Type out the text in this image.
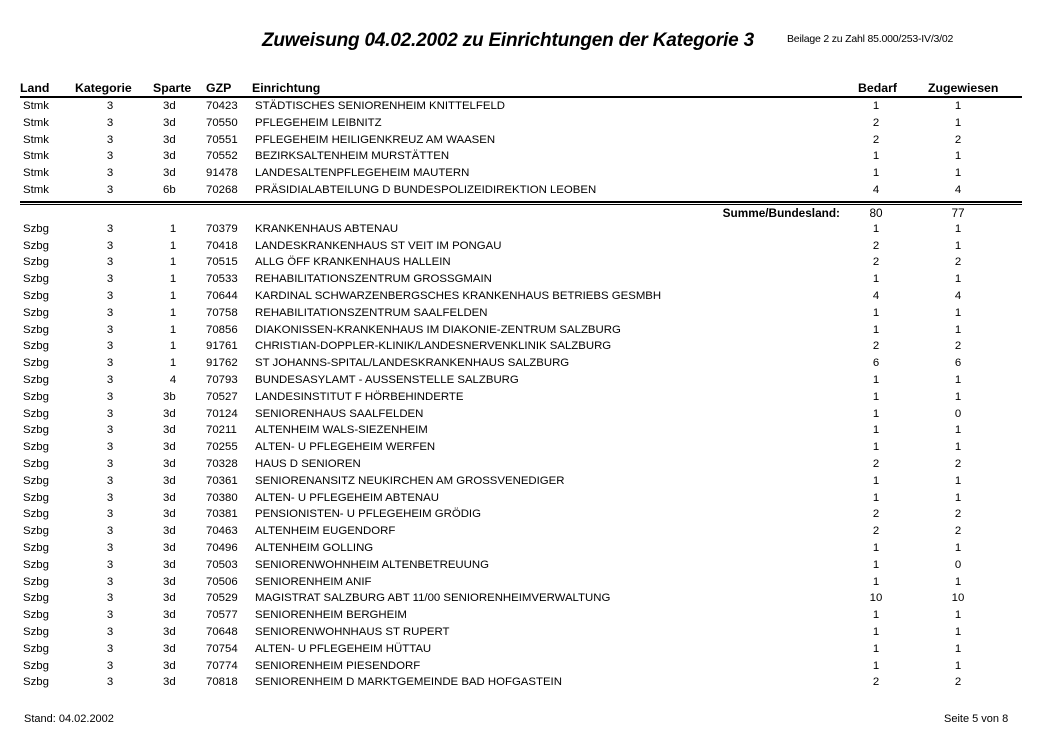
Zuweisung 04.02.2002 zu Einrichtungen der Kategorie 3	Beilage 2 zu Zahl 85.000/253-IV/3/02
Land Kategorie Sparte GZP Einrichtung	Bedarf	Zugewiesen
Stmk	3	3d	70423 STÄDTISCHES SENIORENHEIM KNITTELFELD	1	1
Stmk	3	3d	70550 PFLEGEHEIM LEIBNITZ	2	1
Stmk	3	3d	70551 PFLEGEHEIM HEILIGENKREUZ AM WAASEN	2	2
Stmk	3	3d	70552 BEZIRKSALTENHEIM MURSTÄTTEN	1	1
Stmk	3	3d	91478 LANDESALTENPFLEGEHEIM MAUTERN	1	1
Stmk	3	6b	70268 PRÄSIDIALABTEILUNG D BUNDESPOLIZEIDIREKTION LEOBEN	4	4
Summe/Bundesland:	80	77
Szbg	3	1	70379 KRANKENHAUS ABTENAU	1	1
Szbg	3	1	70418 LANDESKRANKENHAUS ST VEIT IM PONGAU	2	1
Szbg	3	1	70515 ALLG ÖFF KRANKENHAUS HALLEIN	2	2
Szbg	3	1	70533 REHABILITATIONSZENTRUM GROSSGMAIN	1	1
Szbg	3	1	70644 KARDINAL SCHWARZENBERGSCHES KRANKENHAUS BETRIEBS GESMBH	4	4
Szbg	3	1	70758 REHABILITATIONSZENTRUM SAALFELDEN	1	1
Szbg	3	1	70856 DIAKONISSEN-KRANKENHAUS IM DIAKONIE-ZENTRUM SALZBURG	1	1
Szbg	3	1	91761 CHRISTIAN-DOPPLER-KLINIK/LANDESNERVENKLINIK SALZBURG	2	2
Szbg	3	1	91762 ST JOHANNS-SPITAL/LANDESKRANKENHAUS SALZBURG	6	6
Szbg	3	4	70793 BUNDESASYLAMT - AUSSENSTELLE SALZBURG	1	1
Szbg	3	3b	70527 LANDESINSTITUT F HÖRBEHINDERTE	1	1
Szbg	3	3d	70124 SENIORENHAUS SAALFELDEN	1	0
Szbg	3	3d	70211 ALTENHEIM WALS-SIEZENHEIM	1	1
Szbg	3	3d	70255 ALTEN- U PFLEGEHEIM WERFEN	1	1
Szbg	3	3d	70328 HAUS D SENIOREN	2	2
Szbg	3	3d	70361 SENIORENANSITZ NEUKIRCHEN AM GROSSVENEDIGER	1	1
Szbg	3	3d	70380 ALTEN- U PFLEGEHEIM ABTENAU	1	1
Szbg	3	3d	70381 PENSIONISTEN- U PFLEGEHEIM GRÖDIG	2	2
Szbg	3	3d	70463 ALTENHEIM EUGENDORF	2	2
Szbg	3	3d	70496 ALTENHEIM GOLLING	1	1
Szbg	3	3d	70503 SENIORENWOHNHEIM ALTENBETREUUNG	1	0
Szbg	3	3d	70506 SENIORENHEIM ANIF	1	1
Szbg	3	3d	70529 MAGISTRAT SALZBURG ABT 11/00 SENIORENHEIMVERWALTUNG	10	10
Szbg	3	3d	70577 SENIORENHEIM BERGHEIM	1	1
Szbg	3	3d	70648 SENIORENWOHNHAUS ST RUPERT	1	1
Szbg	3	3d	70754 ALTEN- U PFLEGEHEIM HÜTTAU	1	1
Szbg	3	3d	70774 SENIORENHEIM PIESENDORF	1	1
Szbg	3	3d	70818 SENIORENHEIM D MARKTGEMEINDE BAD HOFGASTEIN	2	2
Stand: 04.02.2002	Seite 5 von 8
